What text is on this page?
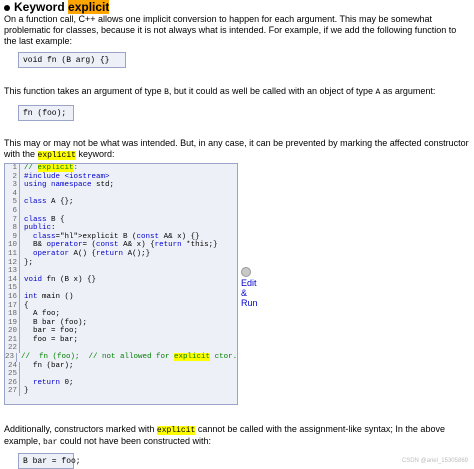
Keyword explicit

On a function call, C++ allows one implicit conversion to happen for each argument. This may be somewhat problematic for classes, because it is not always what is intended. For example, if we add the following function to the last example:

void fn (B arg) {}

This function takes an argument of type B, but it could as well be called with an object of type A as argument:

fn (foo);

This may or may not be what was intended. But, in any case, it can be prevented by marking the affected constructor with the explicit keyword:

1 // explicit:
2 #include <iostream>
3 using namespace std;
4
5 class A {};
6
7 class B {
8 public:
9	class="hl">explicit B (const A& x) {}
10 B& operator= (const A& x) {return *this;}
11	operator A() {return A();}
12 };
13
14 void fn (B x) {}
15
16 int main ()
17 {
18 A foo;
19 B bar (foo);
20 bar = foo;
21 foo = bar;
22
23 //  fn (foo);  // not allowed for explicit ctor.
24 fn (bar);
25
26	return 0;
27 }
Edit
&
Run

Additionally, constructors marked with explicit cannot be called with the assignment-like syntax; In the above example, bar could not have been constructed with:

B bar = foo;	CSDN @ariel_15305869
